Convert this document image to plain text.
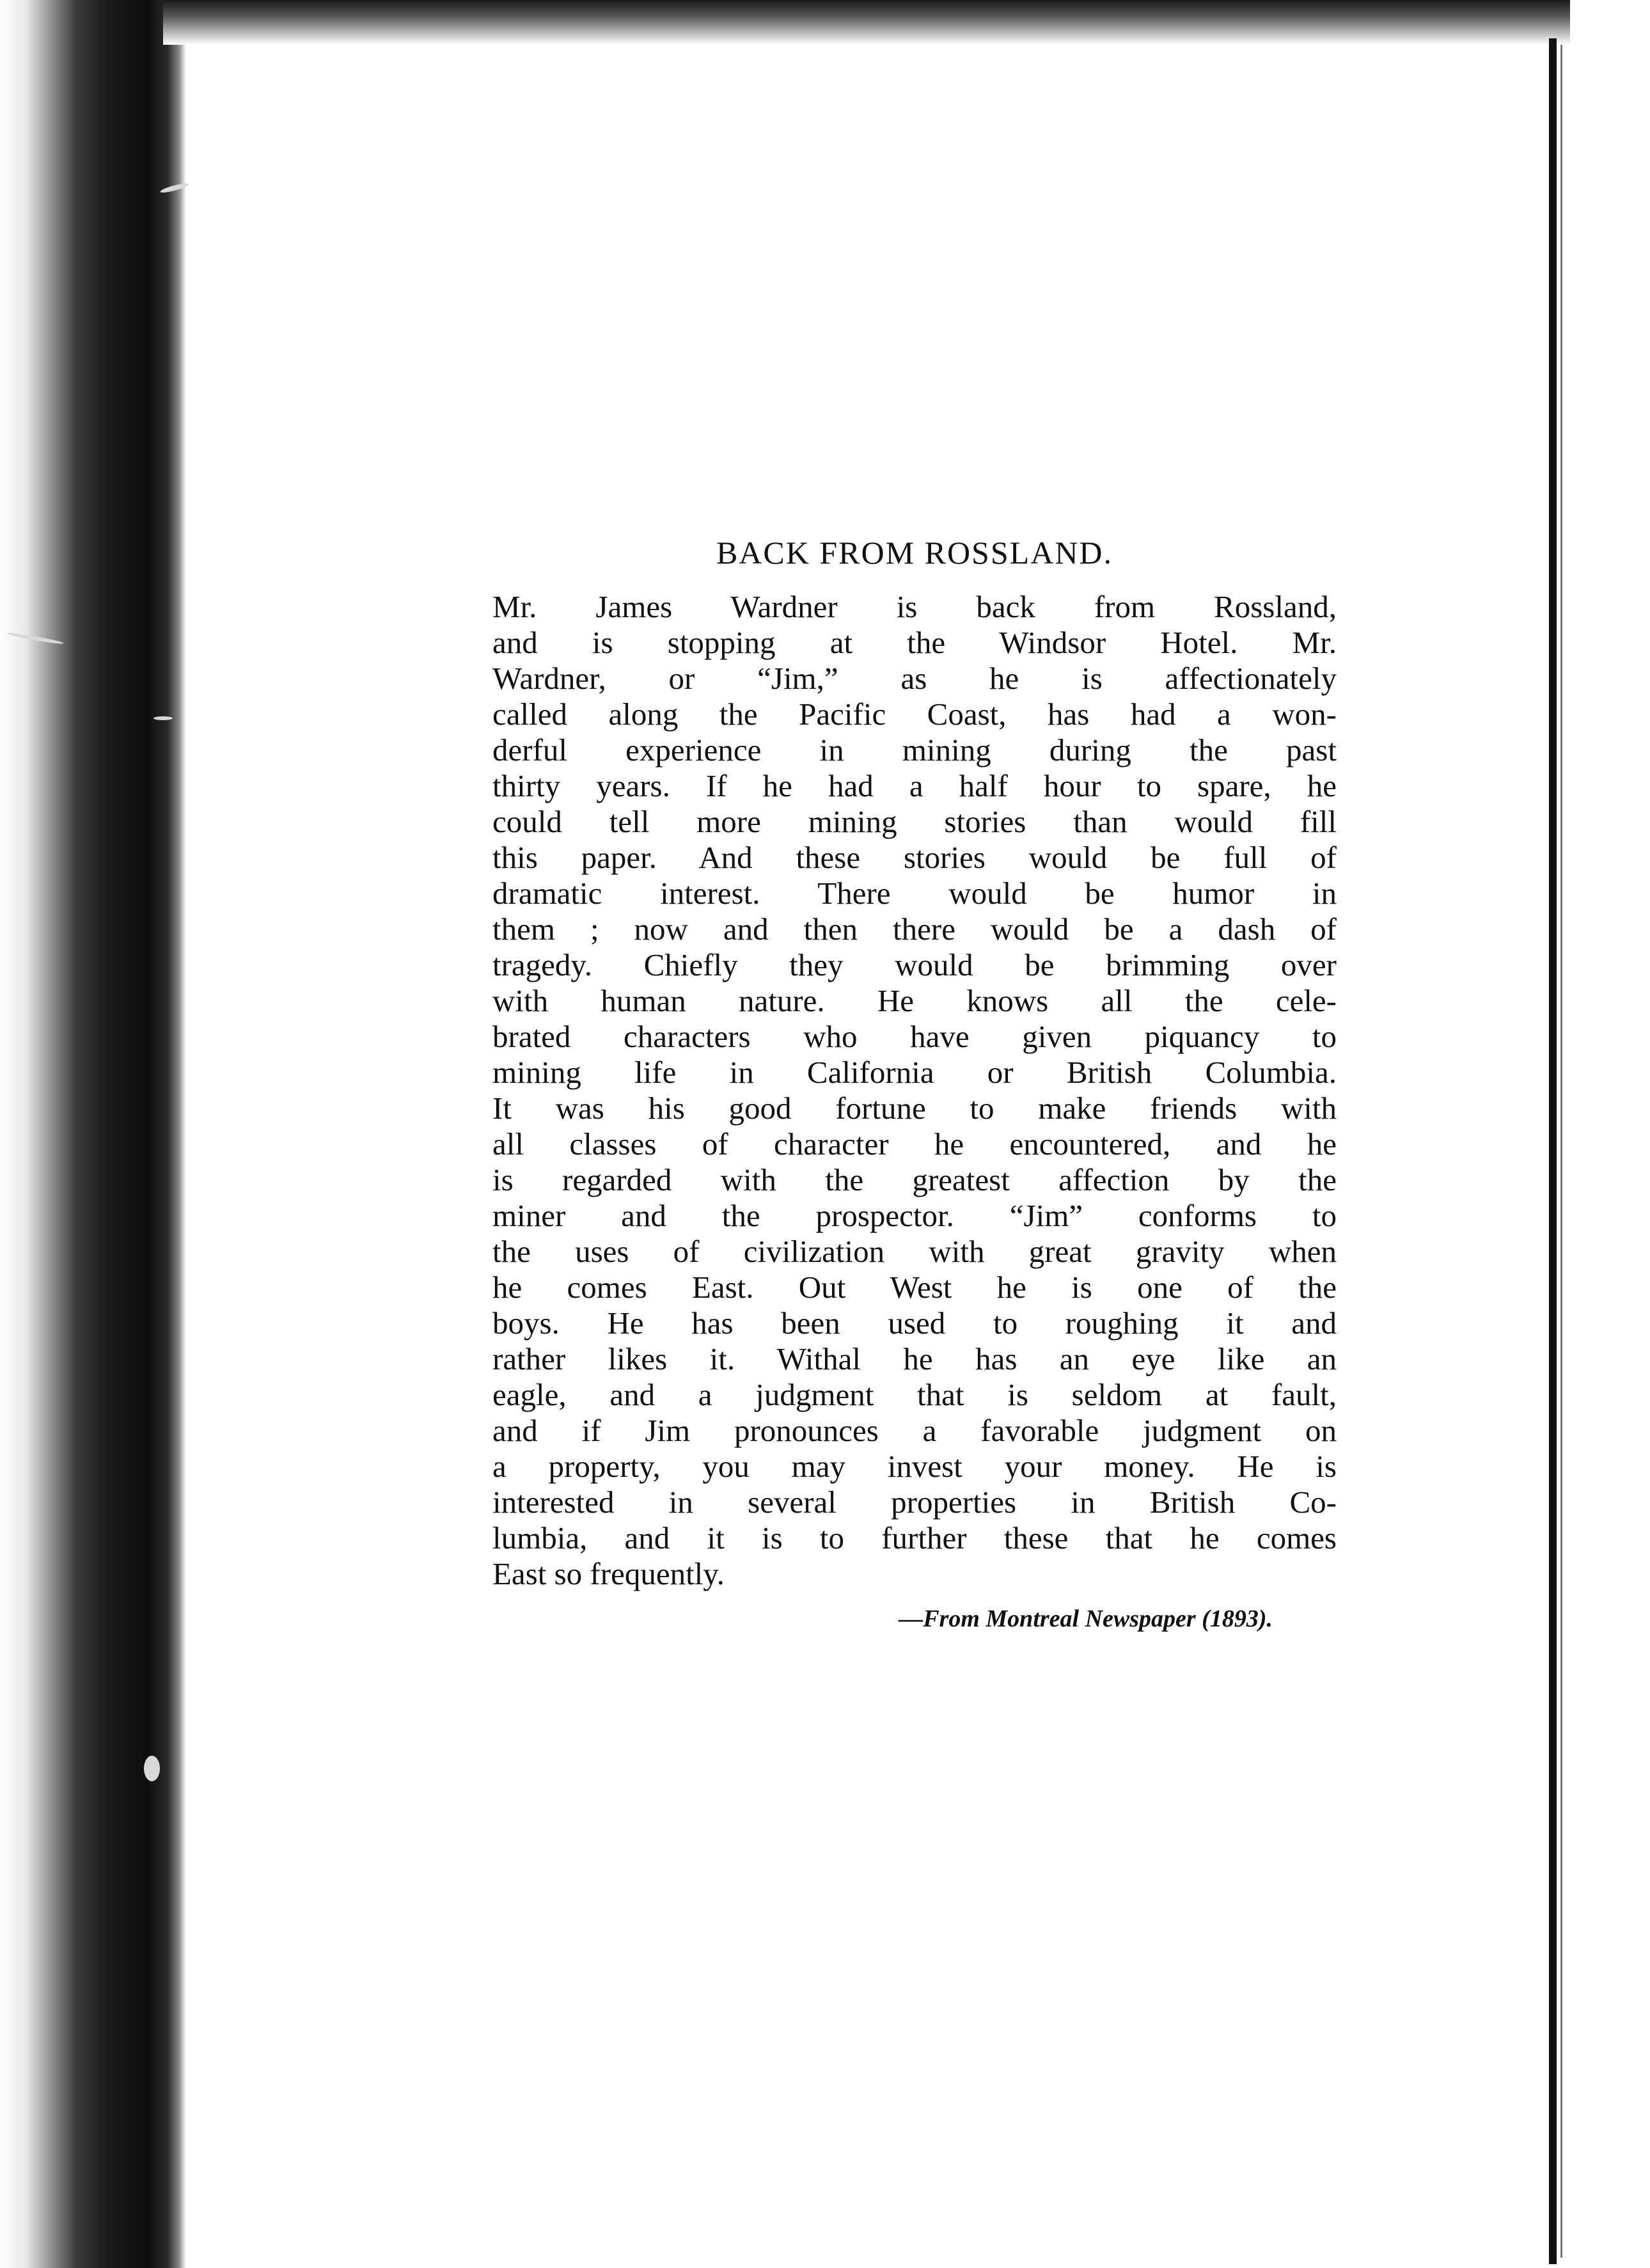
BACK FROM ROSSLAND.
Mr. James Wardner is back from Rossland,
and is stopping at the Windsor Hotel. Mr.
Wardner, or “Jim,” as he is affectionately
called along the Pacific Coast, has had a won-
derful experience in mining during the past
thirty years. If he had a half hour to spare, he
could tell more mining stories than would fill
this paper. And these stories would be full of
dramatic interest. There would be humor in
them ; now and then there would be a dash of
tragedy. Chiefly they would be brimming over
with human nature. He knows all the cele-
brated characters who have given piquancy to
mining life in California or British Columbia.
It was his good fortune to make friends with
all classes of character he encountered, and he
is regarded with the greatest affection by the
miner and the prospector. “Jim” conforms to
the uses of civilization with great gravity when
he comes East. Out West he is one of the
boys. He has been used to roughing it and
rather likes it. Withal he has an eye like an
eagle, and a judgment that is seldom at fault,
and if Jim pronounces a favorable judgment on
a property, you may invest your money. He is
interested in several properties in British Co-
lumbia, and it is to further these that he comes
East so frequently.
—From Montreal Newspaper (1893).
